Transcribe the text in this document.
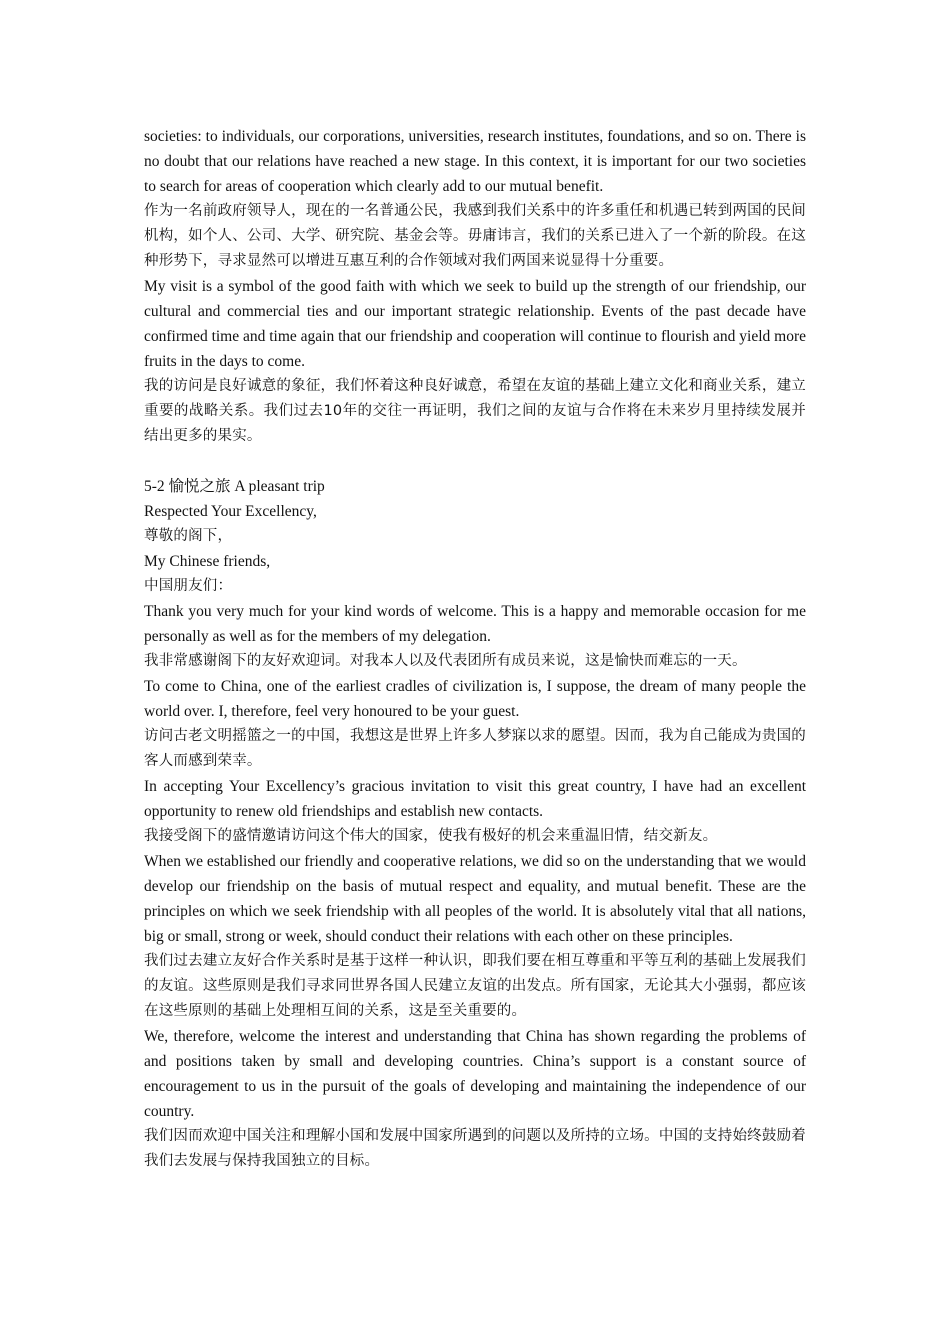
societies: to individuals, our corporations, universities, research institutes, foundations, and so on. There is no doubt that our relations have reached a new stage. In this context, it is important for our two societies to search for areas of cooperation which clearly add to our mutual benefit.

作为一名前政府领导人，现在的一名普通公民，我感到我们关系中的许多重任和机遇已转到两国的民间机构，如个人、公司、大学、研究院、基金会等。毋庸讳言，我们的关系已进入了一个新的阶段。在这种形势下，寻求显然可以增进互惠互利的合作领域对我们两国来说显得十分重要。

My visit is a symbol of the good faith with which we seek to build up the strength of our friendship, our cultural and commercial ties and our important strategic relationship. Events of the past decade have confirmed time and time again that our friendship and cooperation will continue to flourish and yield more fruits in the days to come.

我的访问是良好诚意的象征，我们怀着这种良好诚意，希望在友谊的基础上建立文化和商业关系，建立重要的战略关系。我们过去10年的交往一再证明，我们之间的友谊与合作将在未来岁月里持续发展并结出更多的果实。

5-2 愉悦之旅 A pleasant trip

Respected Your Excellency,

尊敬的阁下，

My Chinese friends,

中国朋友们：

Thank you very much for your kind words of welcome. This is a happy and memorable occasion for me personally as well as for the members of my delegation.

我非常感谢阁下的友好欢迎词。对我本人以及代表团所有成员来说，这是愉快而难忘的一天。

To come to China, one of the earliest cradles of civilization is, I suppose, the dream of many people the world over. I, therefore, feel very honoured to be your guest.

访问古老文明摇篮之一的中国，我想这是世界上许多人梦寐以求的愿望。因而，我为自己能成为贵国的客人而感到荣幸。

In accepting Your Excellency’s gracious invitation to visit this great country, I have had an excellent opportunity to renew old friendships and establish new contacts.

我接受阁下的盛情邀请访问这个伟大的国家，使我有极好的机会来重温旧情，结交新友。

When we established our friendly and cooperative relations, we did so on the understanding that we would develop our friendship on the basis of mutual respect and equality, and mutual benefit. These are the principles on which we seek friendship with all peoples of the world. It is absolutely vital that all nations, big or small, strong or week, should conduct their relations with each other on these principles.

我们过去建立友好合作关系时是基于这样一种认识，即我们要在相互尊重和平等互利的基础上发展我们的友谊。这些原则是我们寻求同世界各国人民建立友谊的出发点。所有国家，无论其大小强弱，都应该在这些原则的基础上处理相互间的关系，这是至关重要的。

We, therefore, welcome the interest and understanding that China has shown regarding the problems of and positions taken by small and developing countries. China’s support is a constant source of encouragement to us in the pursuit of the goals of developing and maintaining the independence of our country.

我们因而欢迎中国关注和理解小国和发展中国家所遇到的问题以及所持的立场。中国的支持始终鼓励着我们去发展与保持我国独立的目标。
